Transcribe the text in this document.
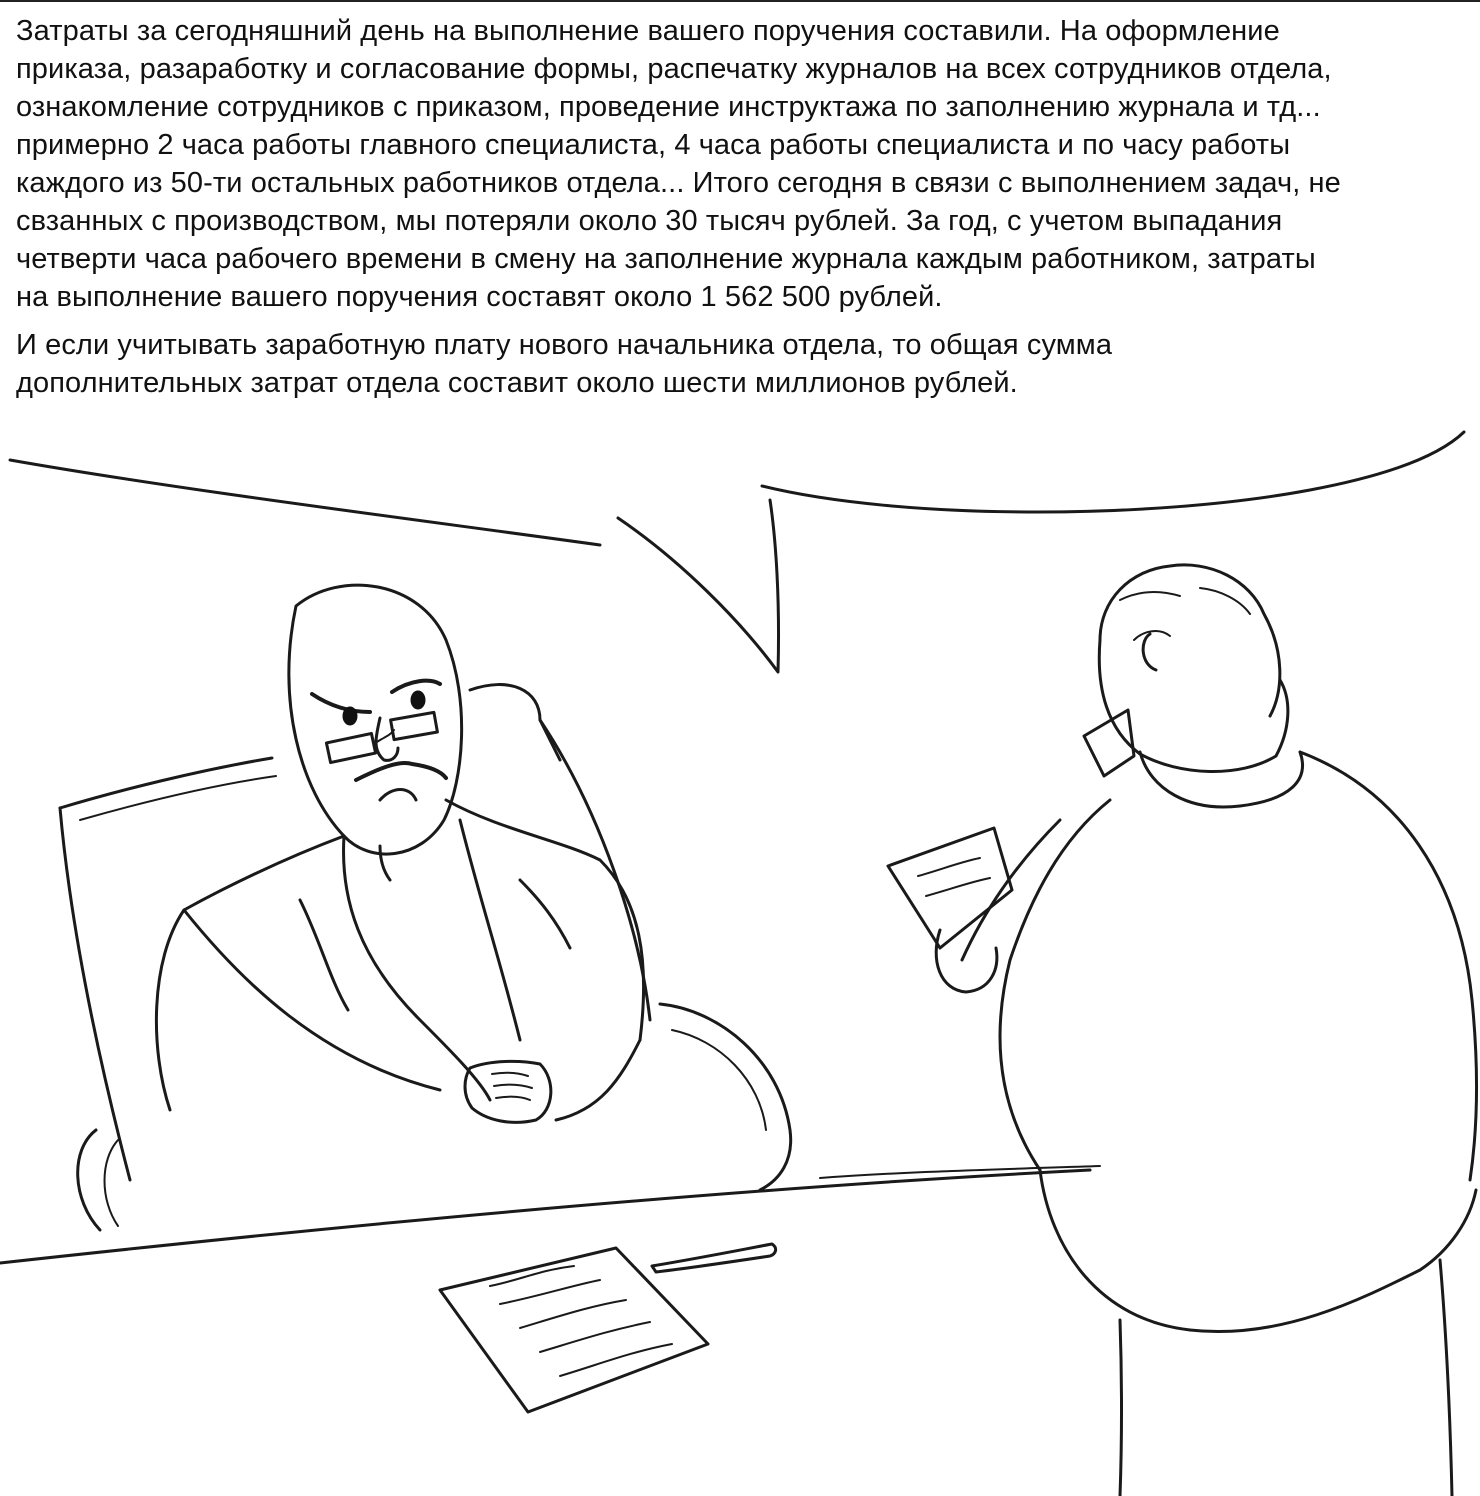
Затраты за сегодняшний день на выполнение вашего поручения составили. На оформление
приказа, разаработку и согласование формы, распечатку журналов на всех сотрудников отдела,
ознакомление сотрудников с приказом, проведение инструктажа по заполнению журнала и тд...
примерно 2 часа работы главного специалиста, 4 часа работы специалиста и по часу работы
каждого из 50-ти остальных работников отдела... Итого сегодня в связи с выполнением задач, не
свзанных с производством, мы потеряли около 30 тысяч рублей. За год, с учетом выпадания
четверти часа рабочего времени в смену на заполнение журнала каждым работником, затраты
на выполнение вашего поручения составят около 1 562 500 рублей.

И если учитывать заработную плату нового начальника отдела, то общая сумма
дополнительных затрат отдела составит около шести миллионов рублей.
